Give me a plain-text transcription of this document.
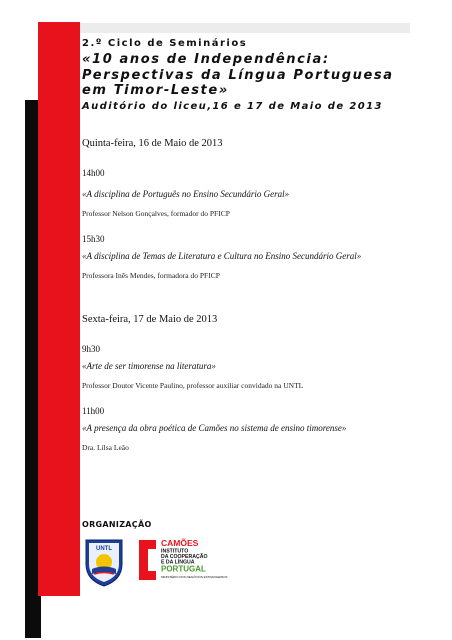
2.º Ciclo de Seminários
«10 anos de Independência:
Perspectivas da Língua Portuguesa
em Timor-Leste»
Auditório do liceu,16 e 17 de Maio de 2013
Quinta-feira, 16 de Maio de 2013
14h00
«A disciplina de Português no Ensino Secundário Geral»
Professor Nelson Gonçalves, formador do PFICP
15h30
«A disciplina de Temas de Literatura e Cultura no Ensino Secundário Geral»
Professora Inês Mendes, formadora do PFICP
Sexta-feira, 17 de Maio de 2013
9h30
«Arte de ser timorense na literatura»
Professor Doutor Vicente Paulino, professor auxiliar convidado na UNTL
11h00
«A presença da obra poética de Camões no sistema de ensino timorense»
Dra. Lílsa Leão
ORGANIZAÇÃO
UNTL
CAMÕES
INSTITUTO
DA COOPERAÇÃO
E DA LÍNGUA
PORTUGAL
MINISTÉRIO DOS NEGÓCIOS ESTRANGEIROS
